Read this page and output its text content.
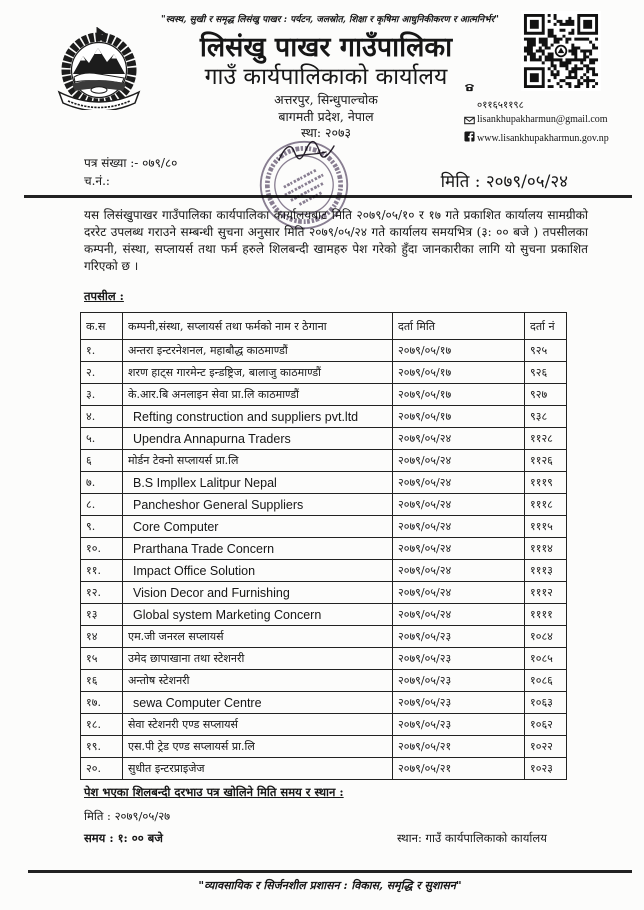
"स्वस्थ, सुखी र समृद्ध लिसंखु पाखर : पर्यटन, जलस्रोत, शिक्षा र कृषिमा आधुनिकीकरण र आत्मनिर्भर"
लिसंखु पाखर गाउँपालिका
गाउँ कार्यपालिकाको कार्यालय
अत्तरपुर, सिन्धुपाल्चोक
बागमती प्रदेश, नेपाल
स्था: २०७३
०११६५११९८
lisankhupakharmun@gmail.com
www.lisankhupakharmun.gov.np
पत्र संख्या :- ०७९/८०
च.नं.:	मिति : २०७९/०५/२४

यस लिसंखुपाखर गाउँपालिका कार्यपालिका कार्यालयबाट मिति २०७९/०५/१० र १७ गते प्रकाशित कार्यालय सामग्रीको दररेट उपलब्ध गराउने सम्बन्धी सुचना अनुसार मिति २०७९/०५/२४ गते कार्यालय समयभित्र (३: ०० बजे ) तपसीलका कम्पनी, संस्था, सप्लायर्स तथा फर्म हरुले शिलबन्दी खामहरु पेश गरेको हुँदा जानकारीका लागि यो सुचना प्रकाशित गरिएको छ ।

तपसील :
क.स	कम्पनी,संस्था, सप्लायर्स तथा फर्मको नाम र ठेगाना	दर्ता मिति	दर्ता नं
१.	अन्तरा इन्टरनेशनल, महाबौद्ध काठमाण्डौं	२०७९/०५/१७	९२५
२.	शरण हाट्स गारमेन्ट इन्डष्ट्रिज, बालाजु काठमाण्डौं	२०७९/०५/१७	९२६
३.	के.आर.बि अनलाइन सेवा प्रा.लि काठमाण्डौं	२०७९/०५/१७	९२७
४.	Refting construction and suppliers pvt.ltd	२०७९/०५/१७	९३८
५.	Upendra Annapurna Traders	२०७९/०५/२४	११२८
६	मोर्डन टेक्नो सप्लायर्स प्रा.लि	२०७९/०५/२४	११२६
७.	B.S Impllex Lalitpur Nepal	२०७९/०५/२४	१११९
८.	Pancheshor General Suppliers	२०७९/०५/२४	१११८
९.	Core Computer	२०७९/०५/२४	१११५
१०.	Prarthana Trade Concern	२०७९/०५/२४	१११४
११.	Impact Office Solution	२०७९/०५/२४	१११३
१२.	Vision Decor and Furnishing	२०७९/०५/२४	१११२
१३	Global system Marketing Concern	२०७९/०५/२४	११११
१४	एम.जी जनरल सप्लायर्स	२०७९/०५/२३	१०८४
१५	उमेद छापाखाना तथा स्टेशनरी	२०७९/०५/२३	१०८५
१६	अन्तोष स्टेशनरी	२०७९/०५/२३	१०८६
१७.	sewa Computer Centre	२०७९/०५/२३	१०६३
१८.	सेवा स्टेशनरी एण्ड सप्लायर्स	२०७९/०५/२३	१०६२
१९.	एस.पी ट्रेड एण्ड सप्लायर्स प्रा.लि	२०७९/०५/२१	१०२२
२०.	सुधीत इन्टरप्राइजेज	२०७९/०५/२१	१०२३
पेश भएका शिलबन्दी दरभाउ पत्र खोलिने मिति समय र स्थान :
मिति : २०७९/०५/२७
समय : १: ०० बजे	स्थान: गाउँ कार्यपालिकाको कार्यालय
"व्यावसायिक र सिर्जनशील प्रशासन : विकास, समृद्धि र सुशासन"
